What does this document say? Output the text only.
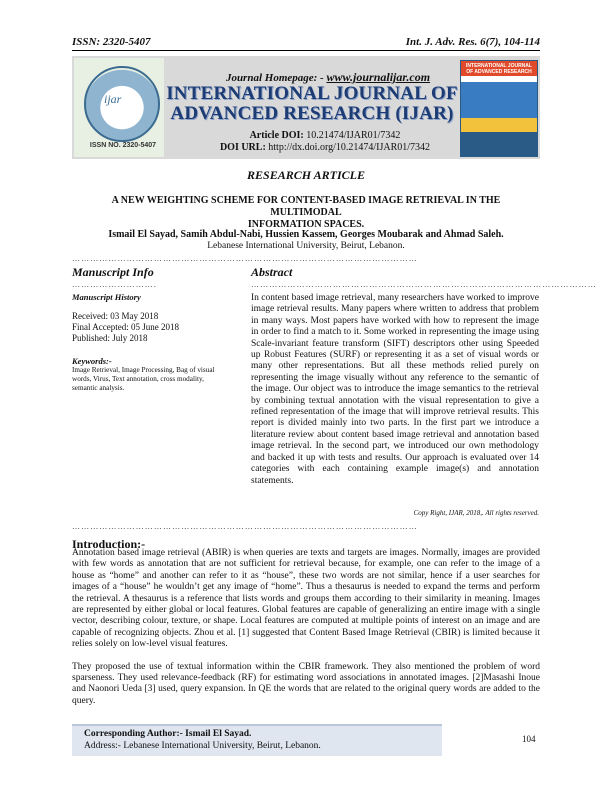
ISSN: 2320-5407	Int. J. Adv. Res. 6(7), 104-114
ijar
ISSN NO. 2320-5407
Journal Homepage: - www.journalijar.com
INTERNATIONAL JOURNAL OF
ADVANCED RESEARCH (IJAR)
Article DOI: 10.21474/IJAR01/7342
DOI URL: http://dx.doi.org/10.21474/IJAR01/7342
INTERNATIONAL JOURNAL OF ADVANCED RESEARCH
RESEARCH ARTICLE
A NEW WEIGHTING SCHEME FOR CONTENT-BASED IMAGE RETRIEVAL IN THE MULTIMODAL
INFORMATION SPACES.
Ismail El Sayad, Samih Abdul-Nabi, Hussien Kassem, Georges Moubarak and Ahmad Saleh.
Lebanese International University, Beirut, Lebanon.
……………………………………………………………………………………………………
Manuscript Info
……………………….
Manuscript History
Received: 03 May 2018
Final Accepted: 05 June 2018
Published: July 2018
Keywords:-
Image Retrieval, Image Processing, Bag of visual words, Virus, Text annotation, cross modality, semantic analysis.
Abstract
……………………………………………………………………………………………………
In content based image retrieval, many researchers have worked to improve image retrieval results. Many papers where written to address that problem in many ways. Most papers have worked with how to represent the image in order to find a match to it. Some worked in representing the image using Scale-invariant feature transform (SIFT) descriptors other using Speeded up Robust Features (SURF) or representing it as a set of visual words or many other representations. But all these methods relied purely on representing the image visually without any reference to the semantic of the image. Our object was to introduce the image semantics to the retrieval by combining textual annotation with the visual representation to give a refined representation of the image that will improve retrieval results. This report is divided mainly into two parts. In the first part we introduce a literature review about content based image retrieval and annotation based image retrieval. In the second part, we introduced our own methodology and backed it up with tests and results. Our approach is evaluated over 14 categories with each containing example image(s) and annotation statements.
Copy Right, IJAR, 2018,. All rights reserved.
……………………………………………………………………………………………………
Introduction:-

Annotation based image retrieval (ABIR) is when queries are texts and targets are images. Normally, images are provided with few words as annotation that are not sufficient for retrieval because, for example, one can refer to the image of a house as “home” and another can refer to it as “house”, these two words are not similar, hence if a user searches for images of a “house” he wouldn’t get any image of “home”. Thus a thesaurus is needed to expand the terms and perform the retrieval. A thesaurus is a reference that lists words and groups them according to their similarity in meaning. Images are represented by either global or local features. Global features are capable of generalizing an entire image with a single vector, describing colour, texture, or shape. Local features are computed at multiple points of interest on an image and are capable of recognizing objects. Zhou et al. [1] suggested that Content Based Image Retrieval (CBIR) is limited because it relies solely on low-level visual features.

They proposed the use of textual information within the CBIR framework. They also mentioned the problem of word sparseness. They used relevance-feedback (RF) for estimating word associations in annotated images. [2]Masashi Inoue and Naonori Ueda [3] used, query expansion. In QE the words that are related to the original query words are added to the query.

Corresponding Author:- Ismail El Sayad.
Address:- Lebanese International University, Beirut, Lebanon.
104
